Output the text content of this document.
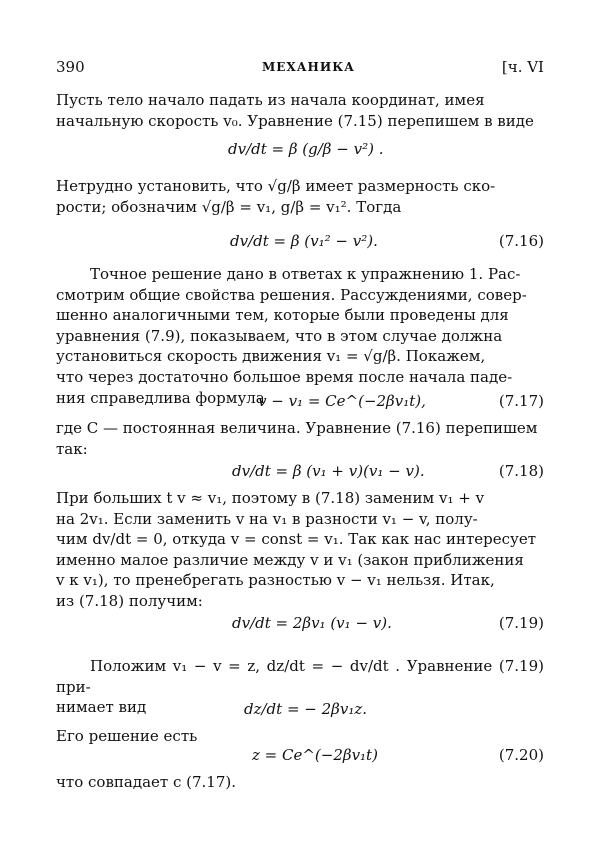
390	МЕХАНИКА	[ч. VI
Пусть тело начало падать из начала координат, имея
начальную скорость v₀. Уравнение (7.15) перепишем в виде
dv/dt = β (g/β − v²) .
Нетрудно установить, что √g/β имеет размерность ско-
рости; обозначим √g/β = v₁, g/β = v₁². Тогда
dv/dt = β (v₁² − v²).	(7.16)
Точное решение дано в ответах к упражнению 1. Рас-
смотрим общие свойства решения. Рассуждениями, совер-
шенно аналогичными тем, которые были проведены для
уравнения (7.9), показываем, что в этом случае должна
установиться скорость движения v₁ = √g/β. Покажем,
что через достаточно большое время после начала паде-
ния справедлива формула
v − v₁ = Ce^(−2βv₁t),	(7.17)
где C — постоянная величина. Уравнение (7.16) перепишем
так:
dv/dt = β (v₁ + v)(v₁ − v).	(7.18)
При больших t v ≈ v₁, поэтому в (7.18) заменим v₁ + v
на 2v₁. Если заменить v на v₁ в разности v₁ − v, полу-
чим dv/dt = 0, откуда v = const = v₁. Так как нас интересует
именно малое различие между v и v₁ (закон приближения
v к v₁), то пренебрегать разностью v − v₁ нельзя. Итак,
из (7.18) получим:
dv/dt = 2βv₁ (v₁ − v).	(7.19)
Положим v₁ − v = z, dz/dt = − dv/dt . Уравнение (7.19) при-
нимает вид	dz/dt = − 2βv₁z.
Его решение есть
z = Ce^(−2βv₁t)	(7.20)
что совпадает с (7.17).
